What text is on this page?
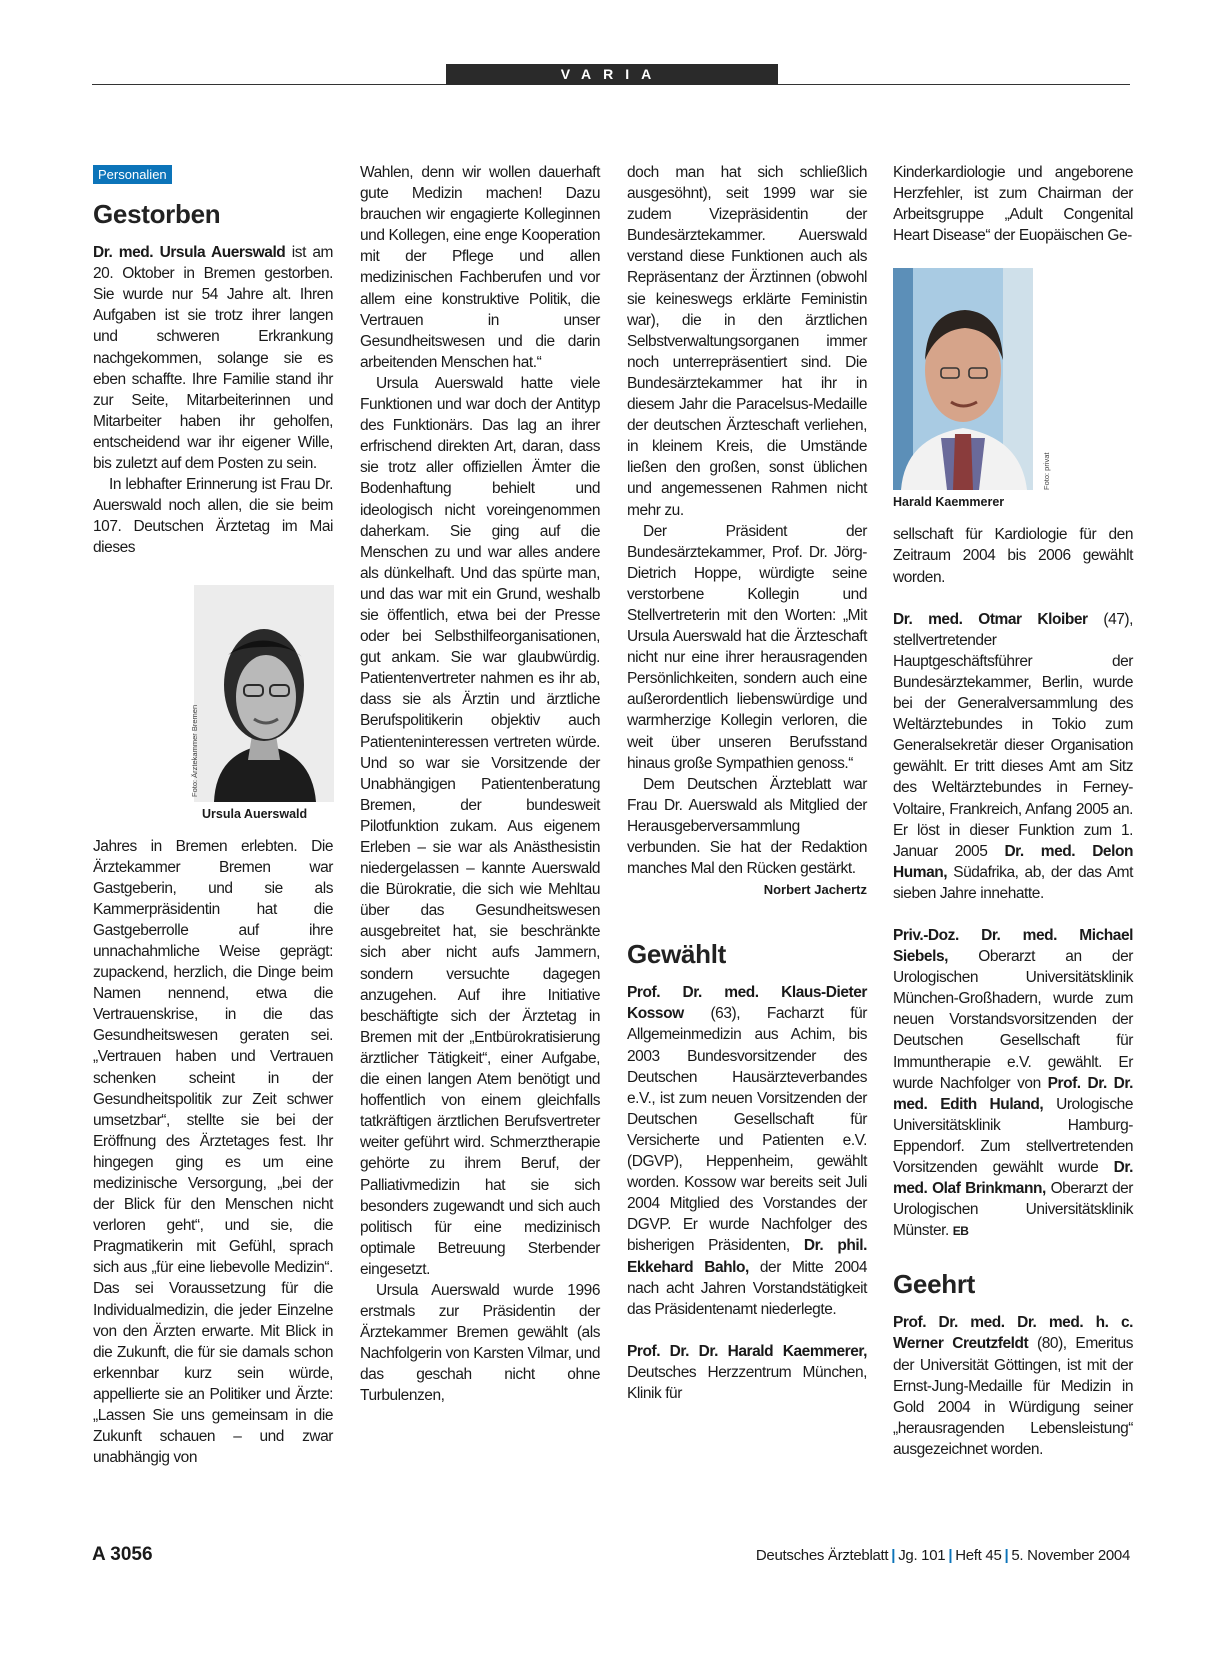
VARIA
Personalien
Gestorben

Dr. med. Ursula Auerswald ist am 20. Oktober in Bremen gestorben. Sie wurde nur 54 Jahre alt. Ihren Aufgaben ist sie trotz ihrer langen und schweren Erkrankung nachgekommen, solange sie es eben schaffte. Ihre Familie stand ihr zur Seite, Mitarbeiterinnen und Mitarbeiter haben ihr geholfen, entscheidend war ihr eigener Wille, bis zuletzt auf dem Posten zu sein.

In lebhafter Erinnerung ist Frau Dr. Auerswald noch allen, die sie beim 107. Deutschen Ärztetag im Mai dieses

Foto: Ärztekammer Bremen
Ursula Auerswald

Jahres in Bremen erlebten. Die Ärztekammer Bremen war Gastgeberin, und sie als Kammerpräsidentin hat die Gastgeberrolle auf ihre unnachahmliche Weise geprägt: zupackend, herzlich, die Dinge beim Namen nennend, etwa die Vertrauenskrise, in die das Gesundheitswesen geraten sei. „Vertrauen haben und Vertrauen schenken scheint in der Gesundheitspolitik zur Zeit schwer umsetzbar“, stellte sie bei der Eröffnung des Ärztetages fest. Ihr hingegen ging es um eine medizinische Versorgung, „bei der der Blick für den Menschen nicht verloren geht“, und sie, die Pragmatikerin mit Gefühl, sprach sich aus „für eine liebevolle Medizin“. Das sei Voraussetzung für die Individualmedizin, die jeder Einzelne von den Ärzten erwarte. Mit Blick in die Zukunft, die für sie damals schon erkennbar kurz sein würde, appellierte sie an Politiker und Ärzte: „Lassen Sie uns gemeinsam in die Zukunft schauen – und zwar unabhängig von

Wahlen, denn wir wollen dauerhaft gute Medizin machen! Dazu brauchen wir engagierte Kolleginnen und Kollegen, eine enge Kooperation mit der Pflege und allen medizinischen Fachberufen und vor allem eine konstruktive Politik, die Vertrauen in unser Gesundheitswesen und die darin arbeitenden Menschen hat.“

Ursula Auerswald hatte viele Funktionen und war doch der Antityp des Funktionärs. Das lag an ihrer erfrischend direkten Art, daran, dass sie trotz aller offiziellen Ämter die Bodenhaftung behielt und ideologisch nicht voreingenommen daherkam. Sie ging auf die Menschen zu und war alles andere als dünkelhaft. Und das spürte man, und das war mit ein Grund, weshalb sie öffentlich, etwa bei der Presse oder bei Selbsthilfeorganisationen, gut ankam. Sie war glaubwürdig. Patientenvertreter nahmen es ihr ab, dass sie als Ärztin und ärztliche Berufspolitikerin objektiv auch Patienteninteressen vertreten würde. Und so war sie Vorsitzende der Unabhängigen Patientenberatung Bremen, der bundesweit Pilotfunktion zukam. Aus eigenem Erleben – sie war als Anästhesistin niedergelassen – kannte Auerswald die Bürokratie, die sich wie Mehltau über das Gesundheitswesen ausgebreitet hat, sie beschränkte sich aber nicht aufs Jammern, sondern versuchte dagegen anzugehen. Auf ihre Initiative beschäftigte sich der Ärztetag in Bremen mit der „Entbürokratisierung ärztlicher Tätigkeit“, einer Aufgabe, die einen langen Atem benötigt und hoffentlich von einem gleichfalls tatkräftigen ärztlichen Berufsvertreter weiter geführt wird. Schmerztherapie gehörte zu ihrem Beruf, der Palliativmedizin hat sie sich besonders zugewandt und sich auch politisch für eine medizinisch optimale Betreuung Sterbender eingesetzt.

Ursula Auerswald wurde 1996 erstmals zur Präsidentin der Ärztekammer Bremen gewählt (als Nachfolgerin von Karsten Vilmar, und das geschah nicht ohne Turbulenzen,

doch man hat sich schließlich ausgesöhnt), seit 1999 war sie zudem Vizepräsidentin der Bundesärztekammer. Auerswald verstand diese Funktionen auch als Repräsentanz der Ärztinnen (obwohl sie keineswegs erklärte Feministin war), die in den ärztlichen Selbstverwaltungsorganen immer noch unterrepräsentiert sind. Die Bundesärztekammer hat ihr in diesem Jahr die Paracelsus-Medaille der deutschen Ärzteschaft verliehen, in kleinem Kreis, die Umstände ließen den großen, sonst üblichen und angemessenen Rahmen nicht mehr zu.

Der Präsident der Bundesärztekammer, Prof. Dr. Jörg-Dietrich Hoppe, würdigte seine verstorbene Kollegin und Stellvertreterin mit den Worten: „Mit Ursula Auerswald hat die Ärzteschaft nicht nur eine ihrer herausragenden Persönlichkeiten, sondern auch eine außerordentlich liebenswürdige und warmherzige Kollegin verloren, die weit über unseren Berufsstand hinaus große Sympathien genoss.“

Dem Deutschen Ärzteblatt war Frau Dr. Auerswald als Mitglied der Herausgeberversammlung verbunden. Sie hat der Redaktion manches Mal den Rücken gestärkt.

Norbert Jachertz
Gewählt

Prof. Dr. med. Klaus-Dieter Kossow (63), Facharzt für Allgemeinmedizin aus Achim, bis 2003 Bundesvorsitzender des Deutschen Hausärzteverbandes e.V., ist zum neuen Vorsitzenden der Deutschen Gesellschaft für Versicherte und Patienten e.V. (DGVP), Heppenheim, gewählt worden. Kossow war bereits seit Juli 2004 Mitglied des Vorstandes der DGVP. Er wurde Nachfolger des bisherigen Präsidenten, Dr. phil. Ekkehard Bahlo, der Mitte 2004 nach acht Jahren Vorstandstätigkeit das Präsidentenamt niederlegte.

Prof. Dr. Dr. Harald Kaemmerer, Deutsches Herzzentrum München, Klinik für

Kinderkardiologie und angeborene Herzfehler, ist zum Chairman der Arbeitsgruppe „Adult Congenital Heart Disease“ der Euopäischen Ge-

Foto: privat
Harald Kaemmerer

sellschaft für Kardiologie für den Zeitraum 2004 bis 2006 gewählt worden.

Dr. med. Otmar Kloiber (47), stellvertretender Hauptgeschäftsführer der Bundesärztekammer, Berlin, wurde bei der Generalversammlung des Weltärztebundes in Tokio zum Generalsekretär dieser Organisation gewählt. Er tritt dieses Amt am Sitz des Weltärztebundes in Ferney-Voltaire, Frankreich, Anfang 2005 an. Er löst in dieser Funktion zum 1. Januar 2005 Dr. med. Delon Human, Südafrika, ab, der das Amt sieben Jahre innehatte.

Priv.-Doz. Dr. med. Michael Siebels, Oberarzt an der Urologischen Universitätsklinik München-Großhadern, wurde zum neuen Vorstandsvorsitzenden der Deutschen Gesellschaft für Immuntherapie e.V. gewählt. Er wurde Nachfolger von Prof. Dr. Dr. med. Edith Huland, Urologische Universitätsklinik Hamburg-Eppendorf. Zum stellvertretenden Vorsitzenden gewählt wurde Dr. med. Olaf Brinkmann, Oberarzt der Urologischen Universitätsklinik Münster. EB

Geehrt

Prof. Dr. med. Dr. med. h. c. Werner Creutzfeldt (80), Emeritus der Universität Göttingen, ist mit der Ernst-Jung-Medaille für Medizin in Gold 2004 in Würdigung seiner „herausragenden Lebensleistung“ ausgezeichnet worden.

A 3056	Deutsches Ärzteblatt | Jg. 101 | Heft 45 | 5. November 2004
